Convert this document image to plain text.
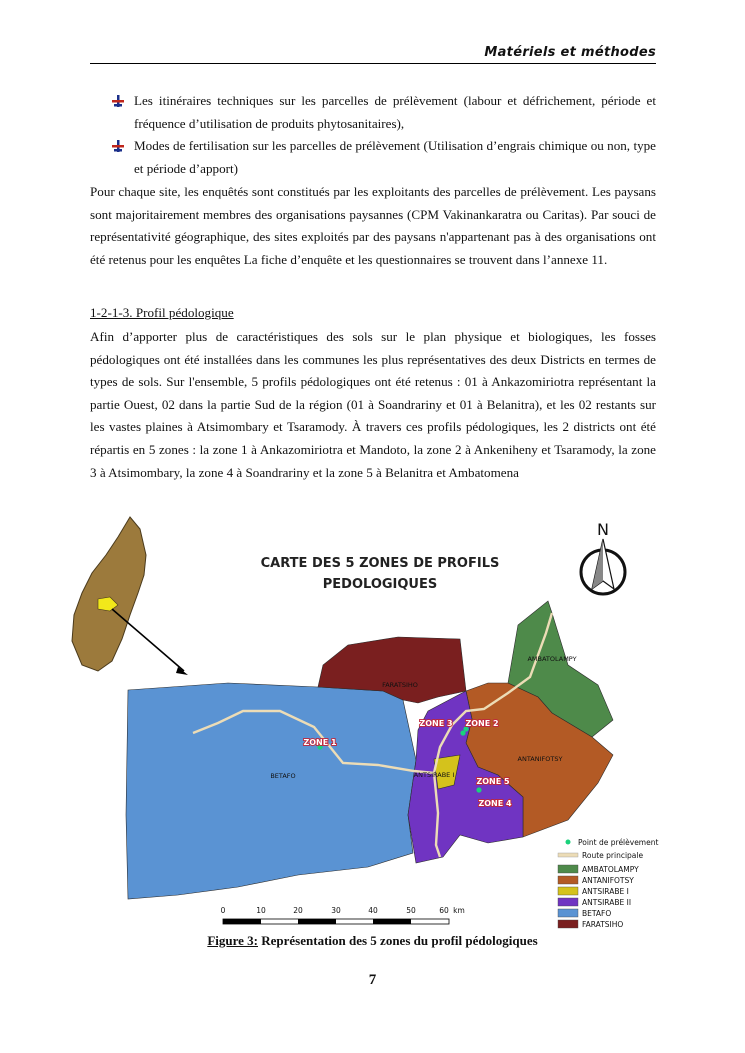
Matériels et méthodes
Les itinéraires techniques sur les parcelles de prélèvement (labour et défrichement, période et fréquence d’utilisation de produits phytosanitaires),
Modes de fertilisation sur les parcelles de prélèvement (Utilisation d’engrais chimique ou non, type et période d’apport)
Pour chaque site, les enquêtés sont constitués par les exploitants des parcelles de prélèvement. Les paysans sont majoritairement membres des organisations paysannes (CPM Vakinankaratra ou Caritas). Par souci de représentativité géographique, des sites exploités par des paysans n'appartenant pas à des organisations ont été retenus pour les enquêtes La fiche d’enquête et les questionnaires se trouvent dans l’annexe 11.
1-2-1-3. Profil pédologique
Afin d’apporter plus de caractéristiques des sols sur le plan physique et biologiques, les fosses pédologiques ont été installées dans les communes les plus représentatives des deux Districts en termes de types de sols. Sur l'ensemble, 5 profils pédologiques ont été retenus : 01 à Ankazomiriotra représentant la partie Ouest, 02 dans la partie Sud de la région (01 à Soandrariny et 01 à Belanitra), et les 02 restants sur les vastes plaines à Atsimombary et Tsaramody. À travers ces profils pédologiques, les 2 districts ont été répartis en 5 zones : la zone 1 à Ankazomiriotra et Mandoto, la zone 2 à Ankeniheny et Tsaramody, la zone 3 à Atsimombary, la zone 4 à Soandrariny et la zone 5 à Belanitra et Ambatomena
CARTE DES 5 ZONES DE PROFILS
PEDOLOGIQUES
N
FARATSIHO
BETAFO
AMBATOLAMPY
ANTANIFOTSY
ANTSIRABE I
ZONE 1
ZONE 2
ZONE 3
ZONE 4
ZONE 5
Point de prélèvement
Route principale
AMBATOLAMPY
ANTANIFOTSY
ANTSIRABE I
ANTSIRABE II
BETAFO
FARATSIHO
0	10	20	30	40	50	60 km
Figure 3: Représentation des 5 zones du profil pédologiques
7
